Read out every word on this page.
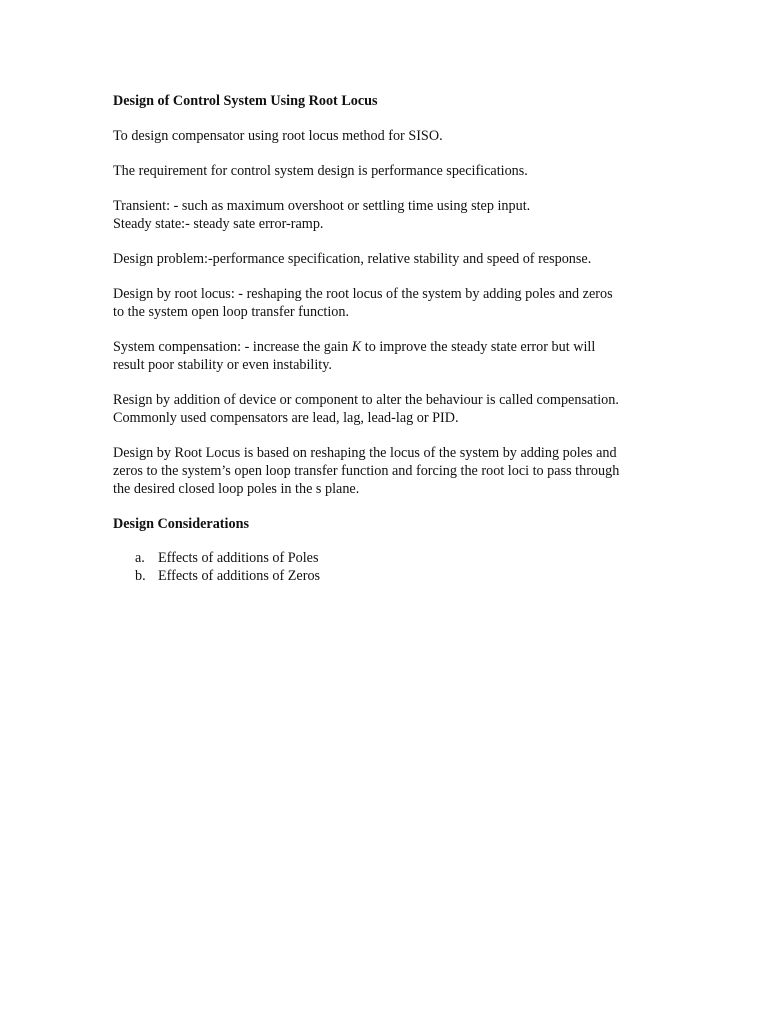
Design of Control System Using Root Locus

To design compensator using root locus method for SISO.

The requirement for control system design is performance specifications.

Transient: - such as maximum overshoot or settling time using step input.
Steady state:- steady sate error-ramp.

Design problem:-performance specification, relative stability and speed of response.

Design by root locus: - reshaping the root locus of the system by adding poles and zeros
to the system open loop transfer function.

System compensation: - increase the gain K to improve the steady state error but will
result poor stability or even instability.

Resign by addition of device or component to alter the behaviour is called compensation.
Commonly used compensators are lead, lag, lead-lag or PID.

Design by Root Locus is based on reshaping the locus of the system by adding poles and
zeros to the system’s open loop transfer function and forcing the root loci to pass through
the desired closed loop poles in the s plane.

Design Considerations

a. Effects of additions of Poles
b. Effects of additions of Zeros
